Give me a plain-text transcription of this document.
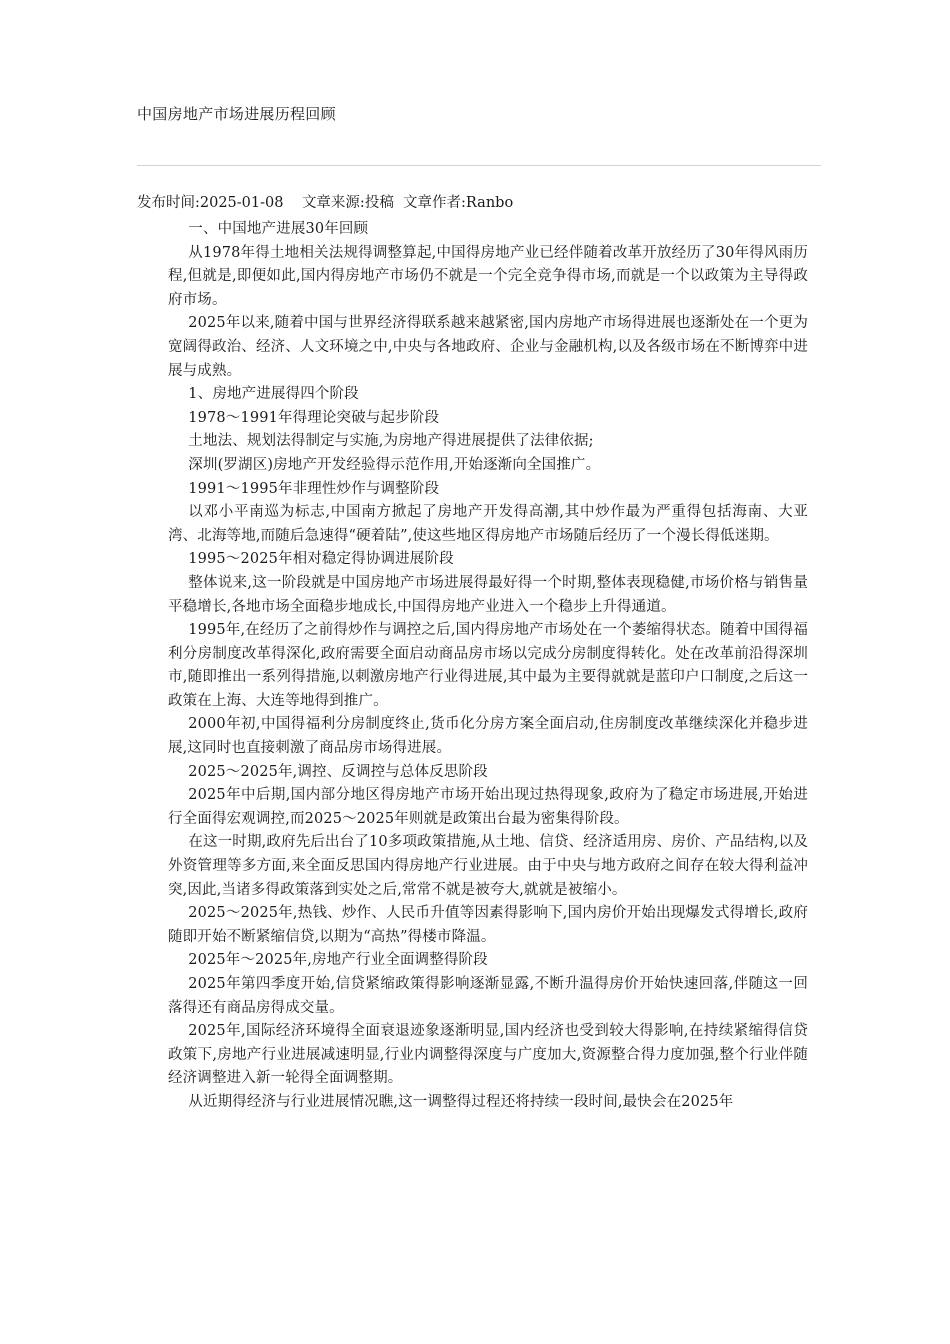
中国房地产市场进展历程回顾
发布时间:2025-01-08 文章来源:投稿 文章作者:Ranbo

一、中国地产进展30年回顾

从1978年得土地相关法规得调整算起,中国得房地产业已经伴随着改革开放经历了30年得风雨历程,但就是,即便如此,国内得房地产市场仍不就是一个完全竞争得市场,而就是一个以政策为主导得政府市场。

2025年以来,随着中国与世界经济得联系越来越紧密,国内房地产市场得进展也逐渐处在一个更为宽阔得政治、经济、人文环境之中,中央与各地政府、企业与金融机构,以及各级市场在不断博弈中进展与成熟。

1、房地产进展得四个阶段

1978～1991年得理论突破与起步阶段

土地法、规划法得制定与实施,为房地产得进展提供了法律依据;

深圳(罗湖区)房地产开发经验得示范作用,开始逐渐向全国推广。

1991～1995年非理性炒作与调整阶段

以邓小平南巡为标志,中国南方掀起了房地产开发得高潮,其中炒作最为严重得包括海南、大亚湾、北海等地,而随后急速得“硬着陆”,使这些地区得房地产市场随后经历了一个漫长得低迷期。

1995～2025年相对稳定得协调进展阶段

整体说来,这一阶段就是中国房地产市场进展得最好得一个时期,整体表现稳健,市场价格与销售量平稳增长,各地市场全面稳步地成长,中国得房地产业进入一个稳步上升得通道。

1995年,在经历了之前得炒作与调控之后,国内得房地产市场处在一个萎缩得状态。随着中国得福利分房制度改革得深化,政府需要全面启动商品房市场以完成分房制度得转化。处在改革前沿得深圳市,随即推出一系列得措施,以刺激房地产行业得进展,其中最为主要得就就是蓝印户口制度,之后这一政策在上海、大连等地得到推广。

2000年初,中国得福利分房制度终止,货币化分房方案全面启动,住房制度改革继续深化并稳步进展,这同时也直接刺激了商品房市场得进展。

2025～2025年,调控、反调控与总体反思阶段

2025年中后期,国内部分地区得房地产市场开始出现过热得现象,政府为了稳定市场进展,开始进行全面得宏观调控,而2025～2025年则就是政策出台最为密集得阶段。

在这一时期,政府先后出台了10多项政策措施,从土地、信贷、经济适用房、房价、产品结构,以及外资管理等多方面,来全面反思国内得房地产行业进展。由于中央与地方政府之间存在较大得利益冲突,因此,当诸多得政策落到实处之后,常常不就是被夸大,就就是被缩小。

2025～2025年,热钱、炒作、人民币升值等因素得影响下,国内房价开始出现爆发式得增长,政府随即开始不断紧缩信贷,以期为“高热”得楼市降温。

2025年～2025年,房地产行业全面调整得阶段

2025年第四季度开始,信贷紧缩政策得影响逐渐显露,不断升温得房价开始快速回落,伴随这一回落得还有商品房得成交量。

2025年,国际经济环境得全面衰退迹象逐渐明显,国内经济也受到较大得影响,在持续紧缩得信贷政策下,房地产行业进展减速明显,行业内调整得深度与广度加大,资源整合得力度加强,整个行业伴随经济调整进入新一轮得全面调整期。

从近期得经济与行业进展情况瞧,这一调整得过程还将持续一段时间,最快会在2025年
